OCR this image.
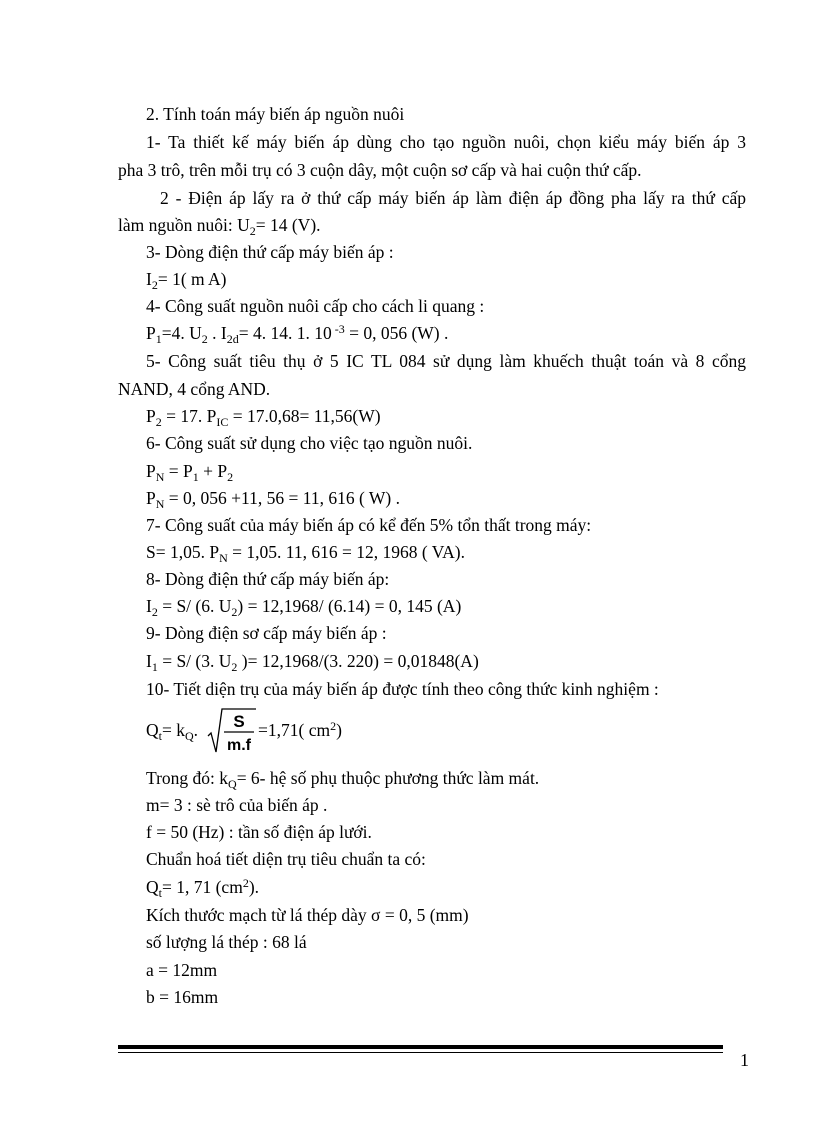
2. Tính toán máy biến áp nguồn nuôi
1- Ta thiết kế máy biến áp dùng cho tạo nguồn nuôi, chọn kiểu máy biến áp 3
pha 3 trô, trên mỗi trụ có 3 cuộn dây, một cuộn sơ cấp và hai cuộn thứ cấp.
2 - Điện áp lấy ra ở thứ cấp máy biến áp làm điện áp đồng pha lấy ra thứ cấp
làm nguồn nuôi: $U_2= 14$ (V).
3- Dòng điện thứ cấp máy biến áp :
$I_2= 1$( m A)
4- Công suất nguồn nuôi cấp cho cách li quang :
$P_1=4$. $U_2$ . $I_{2d}= 4$. 14. 1. 10 $^{-3}$ = 0, 056 (W) .
5- Công suất tiêu thụ ở 5 IC TL 084 sử dụng làm khuếch thuật toán và 8 cổng
NAND, 4 cổng AND.
$P_2 = 17$. $P_{IC} = 17.0,68= 11,56(W)$
6- Công suất sử dụng cho việc tạo nguồn nuôi.
$P_N = P_1 + P_2$
$P_N = 0$, 056 +11, 56 = 11, 616 ( W) .
7- Công suất của máy biến áp có kể đến 5% tổn thất trong máy:
S= 1,05. $P_N = 1,05$. 11, 616 = 12, 1968 ( VA).
8- Dòng điện thứ cấp máy biến áp:
$I_2 = S/$ (6. $U_2) = 12,1968/$ (6.14) = 0, 145 (A)
9- Dòng điện sơ cấp máy biến áp :
$I_1 = S/$ (3. $U_2$ )= 12,1968/(3. 220) = 0,01848(A)
10- Tiết diện trụ của máy biến áp được tính theo công thức kinh nghiệm :
$Q_t= k_Q$. S
m.f
=1,71( $cm^2$)
Trong đó: $k_Q= 6-$ hệ số phụ thuộc phương thức làm mát.
m= 3 : sè trô của biến áp .
f = 50 (Hz) : tần số điện áp lưới.
Chuẩn hoá tiết diện trụ tiêu chuẩn ta có:
$Q_t= 1$, 71 $(cm^2)$.
Kích thước mạch từ lá thép dày σ = 0, 5 (mm)
số lượng lá thép : 68 lá
a = 12mm
b = 16mm
1
